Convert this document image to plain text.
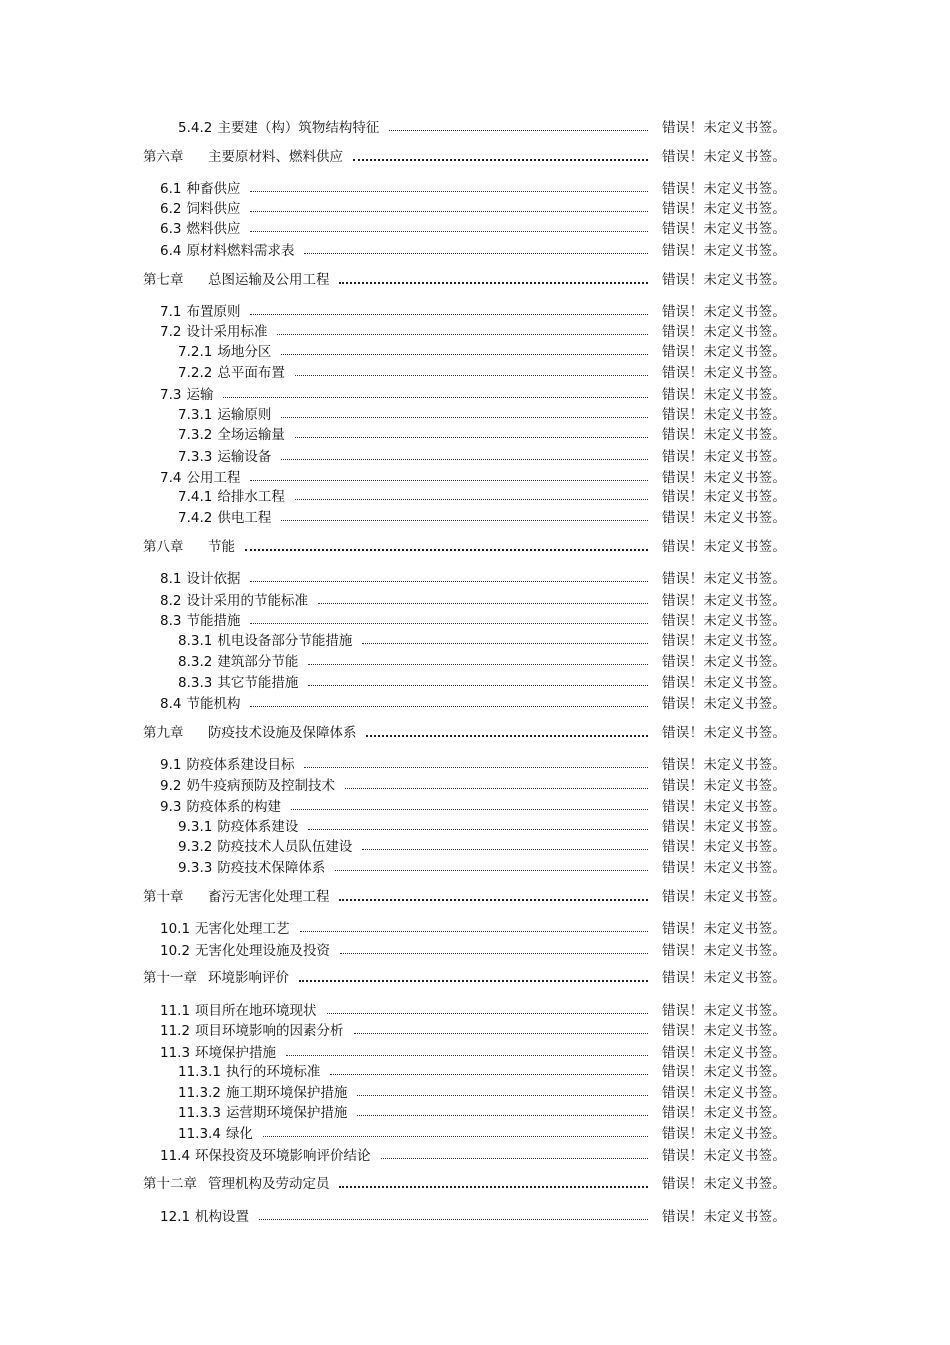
5.4.2 主要建（构）筑物结构特征	错误！未定义书签。
第六章 主要原材料、燃料供应	错误！未定义书签。
6.1 种畜供应	错误！未定义书签。
6.2 饲料供应	错误！未定义书签。
6.3 燃料供应	错误！未定义书签。
6.4 原材料燃料需求表	错误！未定义书签。
第七章 总图运输及公用工程	错误！未定义书签。
7.1 布置原则	错误！未定义书签。
7.2 设计采用标准	错误！未定义书签。
7.2.1 场地分区	错误！未定义书签。
7.2.2 总平面布置	错误！未定义书签。
7.3 运输	错误！未定义书签。
7.3.1 运输原则	错误！未定义书签。
7.3.2 全场运输量	错误！未定义书签。
7.3.3 运输设备	错误！未定义书签。
7.4 公用工程	错误！未定义书签。
7.4.1 给排水工程	错误！未定义书签。
7.4.2 供电工程	错误！未定义书签。
第八章 节能	错误！未定义书签。
8.1 设计依据	错误！未定义书签。
8.2 设计采用的节能标准	错误！未定义书签。
8.3 节能措施	错误！未定义书签。
8.3.1 机电设备部分节能措施	错误！未定义书签。
8.3.2 建筑部分节能	错误！未定义书签。
8.3.3 其它节能措施	错误！未定义书签。
8.4 节能机构	错误！未定义书签。
第九章 防疫技术设施及保障体系	错误！未定义书签。
9.1 防疫体系建设目标	错误！未定义书签。
9.2 奶牛疫病预防及控制技术	错误！未定义书签。
9.3 防疫体系的构建	错误！未定义书签。
9.3.1 防疫体系建设	错误！未定义书签。
9.3.2 防疫技术人员队伍建设	错误！未定义书签。
9.3.3 防疫技术保障体系	错误！未定义书签。
第十章 畜污无害化处理工程	错误！未定义书签。
10.1 无害化处理工艺	错误！未定义书签。
10.2 无害化处理设施及投资	错误！未定义书签。
第十一章 环境影响评价	错误！未定义书签。
11.1 项目所在地环境现状	错误！未定义书签。
11.2 项目环境影响的因素分析	错误！未定义书签。
11.3 环境保护措施	错误！未定义书签。
11.3.1 执行的环境标准	错误！未定义书签。
11.3.2 施工期环境保护措施	错误！未定义书签。
11.3.3 运营期环境保护措施	错误！未定义书签。
11.3.4 绿化	错误！未定义书签。
11.4 环保投资及环境影响评价结论	错误！未定义书签。
第十二章 管理机构及劳动定员	错误！未定义书签。
12.1 机构设置	错误！未定义书签。
